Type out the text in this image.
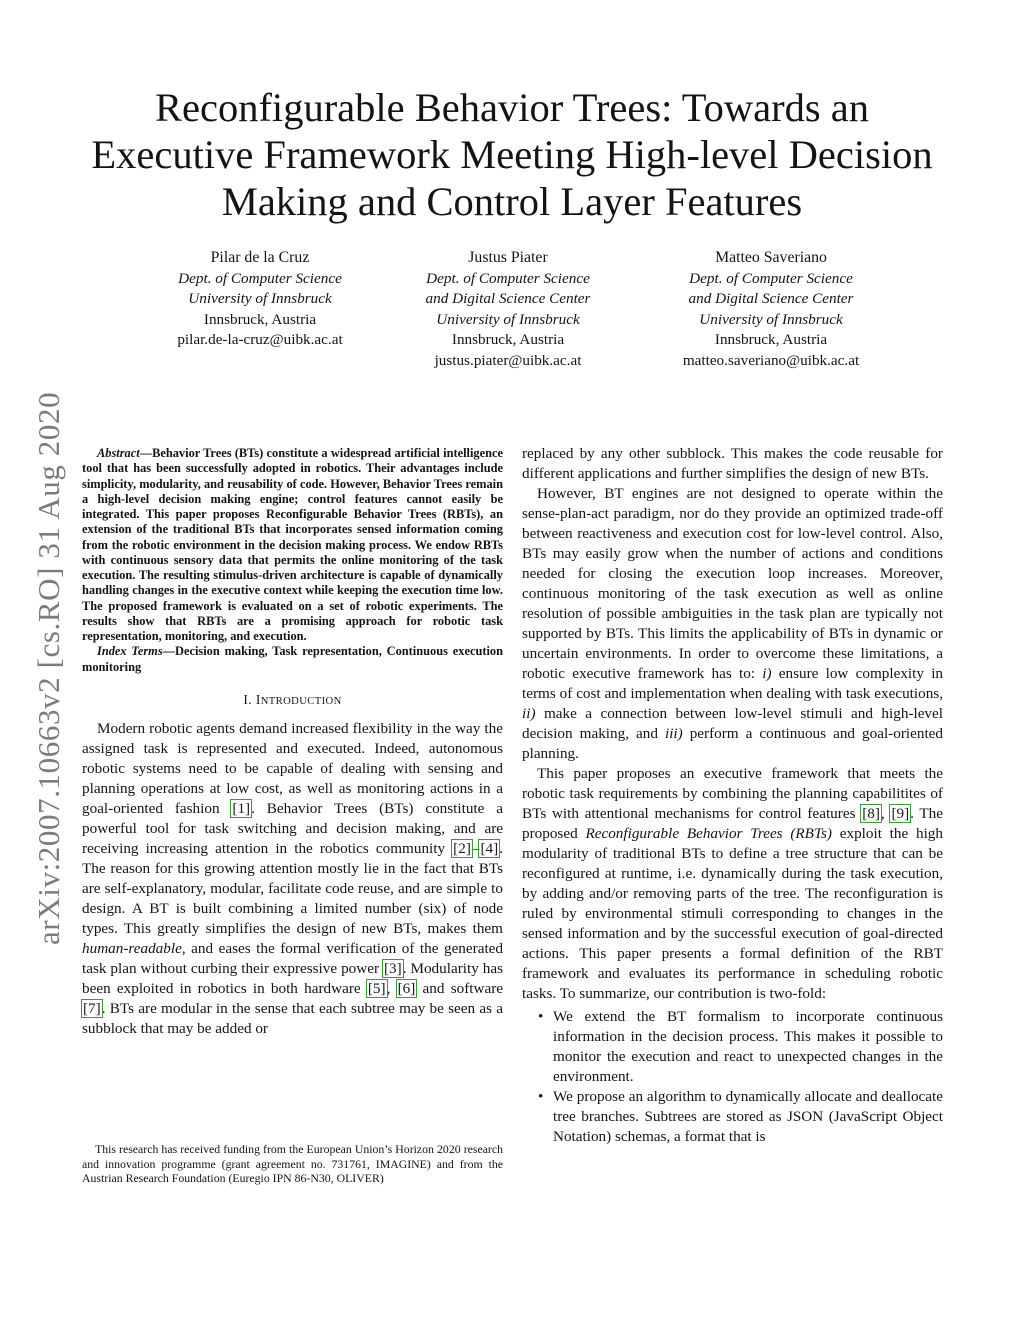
arXiv:2007.10663v2 [cs.RO] 31 Aug 2020
Reconfigurable Behavior Trees: Towards an
Executive Framework Meeting High-level Decision
Making and Control Layer Features
Pilar de la Cruz
Dept. of Computer Science
University of Innsbruck
Innsbruck, Austria
pilar.de-la-cruz@uibk.ac.at
Justus Piater
Dept. of Computer Science
and Digital Science Center
University of Innsbruck
Innsbruck, Austria
justus.piater@uibk.ac.at
Matteo Saveriano
Dept. of Computer Science
and Digital Science Center
University of Innsbruck
Innsbruck, Austria
matteo.saveriano@uibk.ac.at

Abstract—Behavior Trees (BTs) constitute a widespread artificial intelligence tool that has been successfully adopted in robotics. Their advantages include simplicity, modularity, and reusability of code. However, Behavior Trees remain a high-level decision making engine; control features cannot easily be integrated. This paper proposes Reconfigurable Behavior Trees (RBTs), an extension of the traditional BTs that incorporates sensed information coming from the robotic environment in the decision making process. We endow RBTs with continuous sensory data that permits the online monitoring of the task execution. The resulting stimulus-driven architecture is capable of dynamically handling changes in the executive context while keeping the execution time low. The proposed framework is evaluated on a set of robotic experiments. The results show that RBTs are a promising approach for robotic task representation, monitoring, and execution.

Index Terms—Decision making, Task representation, Continuous execution monitoring

I. INTRODUCTION

Modern robotic agents demand increased flexibility in the way the assigned task is represented and executed. Indeed, autonomous robotic systems need to be capable of dealing with sensing and planning operations at low cost, as well as monitoring actions in a goal-oriented fashion [1]. Behavior Trees (BTs) constitute a powerful tool for task switching and decision making, and are receiving increasing attention in the robotics community [2]–[4]. The reason for this growing attention mostly lie in the fact that BTs are self-explanatory, modular, facilitate code reuse, and are simple to design. A BT is built combining a limited number (six) of node types. This greatly simplifies the design of new BTs, makes them human-readable, and eases the formal verification of the generated task plan without curbing their expressive power [3]. Modularity has been exploited in robotics in both hardware [5], [6] and software [7]. BTs are modular in the sense that each subtree may be seen as a subblock that may be added or

This research has received funding from the European Union’s Horizon 2020 research and innovation programme (grant agreement no. 731761, IMAGINE) and from the Austrian Research Foundation (Euregio IPN 86-N30, OLIVER)

replaced by any other subblock. This makes the code reusable for different applications and further simplifies the design of new BTs.

However, BT engines are not designed to operate within the sense-plan-act paradigm, nor do they provide an optimized trade-off between reactiveness and execution cost for low-level control. Also, BTs may easily grow when the number of actions and conditions needed for closing the execution loop increases. Moreover, continuous monitoring of the task execution as well as online resolution of possible ambiguities in the task plan are typically not supported by BTs. This limits the applicability of BTs in dynamic or uncertain environments. In order to overcome these limitations, a robotic executive framework has to: i) ensure low complexity in terms of cost and implementation when dealing with task executions, ii) make a connection between low-level stimuli and high-level decision making, and iii) perform a continuous and goal-oriented planning.

This paper proposes an executive framework that meets the robotic task requirements by combining the planning capabilitites of BTs with attentional mechanisms for control features [8], [9]. The proposed Reconfigurable Behavior Trees (RBTs) exploit the high modularity of traditional BTs to define a tree structure that can be reconfigured at runtime, i.e. dynamically during the task execution, by adding and/or removing parts of the tree. The reconfiguration is ruled by environmental stimuli corresponding to changes in the sensed information and by the successful execution of goal-directed actions. This paper presents a formal definition of the RBT framework and evaluates its performance in scheduling robotic tasks. To summarize, our contribution is two-fold:

• We extend the BT formalism to incorporate continuous information in the decision process. This makes it possible to monitor the execution and react to unexpected changes in the environment.
• We propose an algorithm to dynamically allocate and deallocate tree branches. Subtrees are stored as JSON (JavaScript Object Notation) schemas, a format that is
